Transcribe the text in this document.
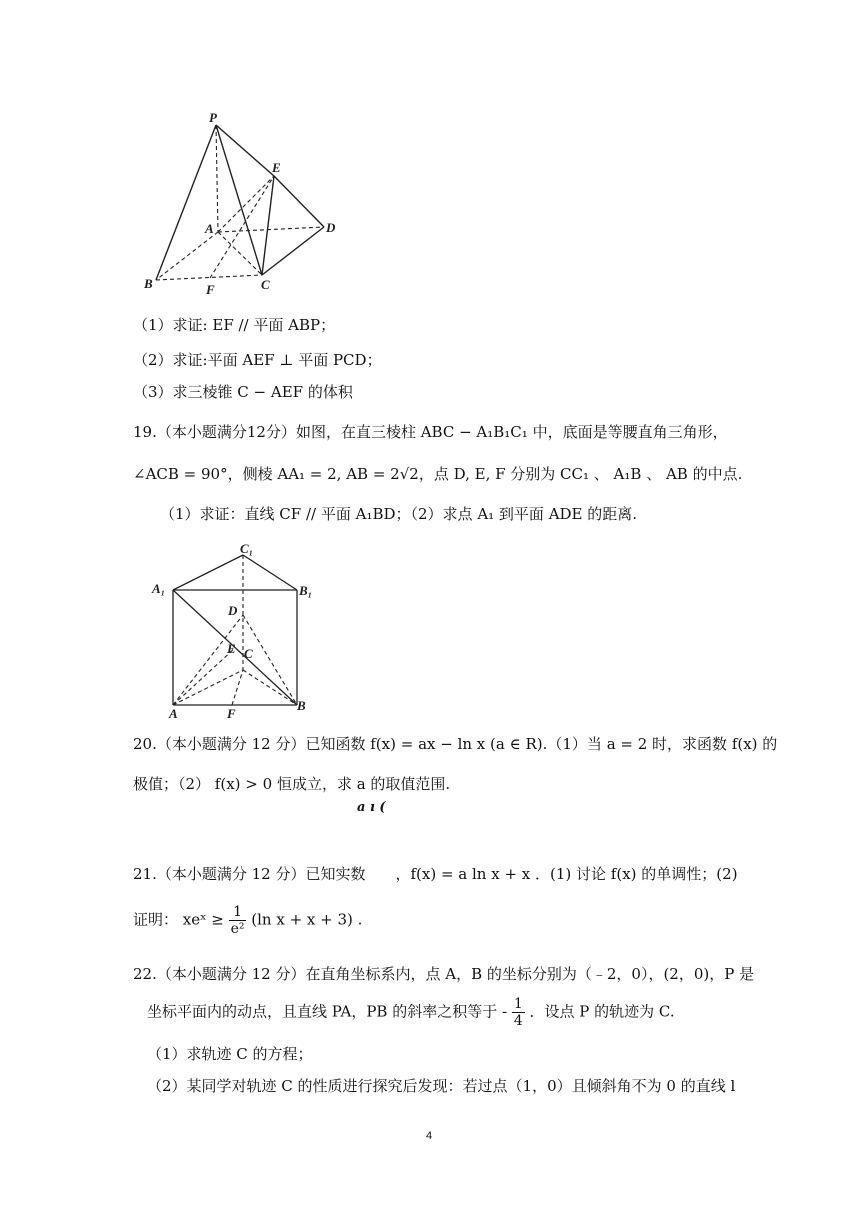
P
E
A	D
B	F	C
（1）求证: EF // 平面 ABP；
（2）求证:平面 AEF ⊥ 平面 PCD；
（3）求三棱锥 C − AEF 的体积
19.（本小题满分12分）如图，在直三棱柱 ABC − A₁B₁C₁ 中，底面是等腰直角三角形，
∠ACB = 90°，侧棱 AA₁ = 2, AB = 2√2，点 D, E, F 分别为 CC₁ 、 A₁B 、 AB 的中点.
（1）求证：直线 CF // 平面 A₁BD；（2）求点 A₁ 到平面 ADE 的距离.
C₁
A₁	B₁
D
E C
A	F
B
20.（本小题满分 12 分）已知函数 f(x) = ax − ln x (a ∈ R).（1）当 a = 2 时，求函数 f(x) 的
极值；（2） f(x) > 0 恒成立，求 a 的取值范围.
a ı (
21.（本小题满分 12 分）已知实数　　，f(x) = a ln x + x ．(1) 讨论 f(x) 的单调性；(2)
证明： xeˣ ≥ $\frac{1}{\text{e²}} (\ln$ x + x + 3) .
22.（本小题满分 12 分）在直角坐标系内，点 A，B 的坐标分别为（﹣2，0），(2，0)，P 是
坐标平面内的动点，且直线 PA，PB 的斜率之积等于 - $\frac{1}{4}$ ．设点 P 的轨迹为 C.
（1）求轨迹 C 的方程；
（2）某同学对轨迹 C 的性质进行探究后发现：若过点（1，0）且倾斜角不为 0 的直线 l
4
